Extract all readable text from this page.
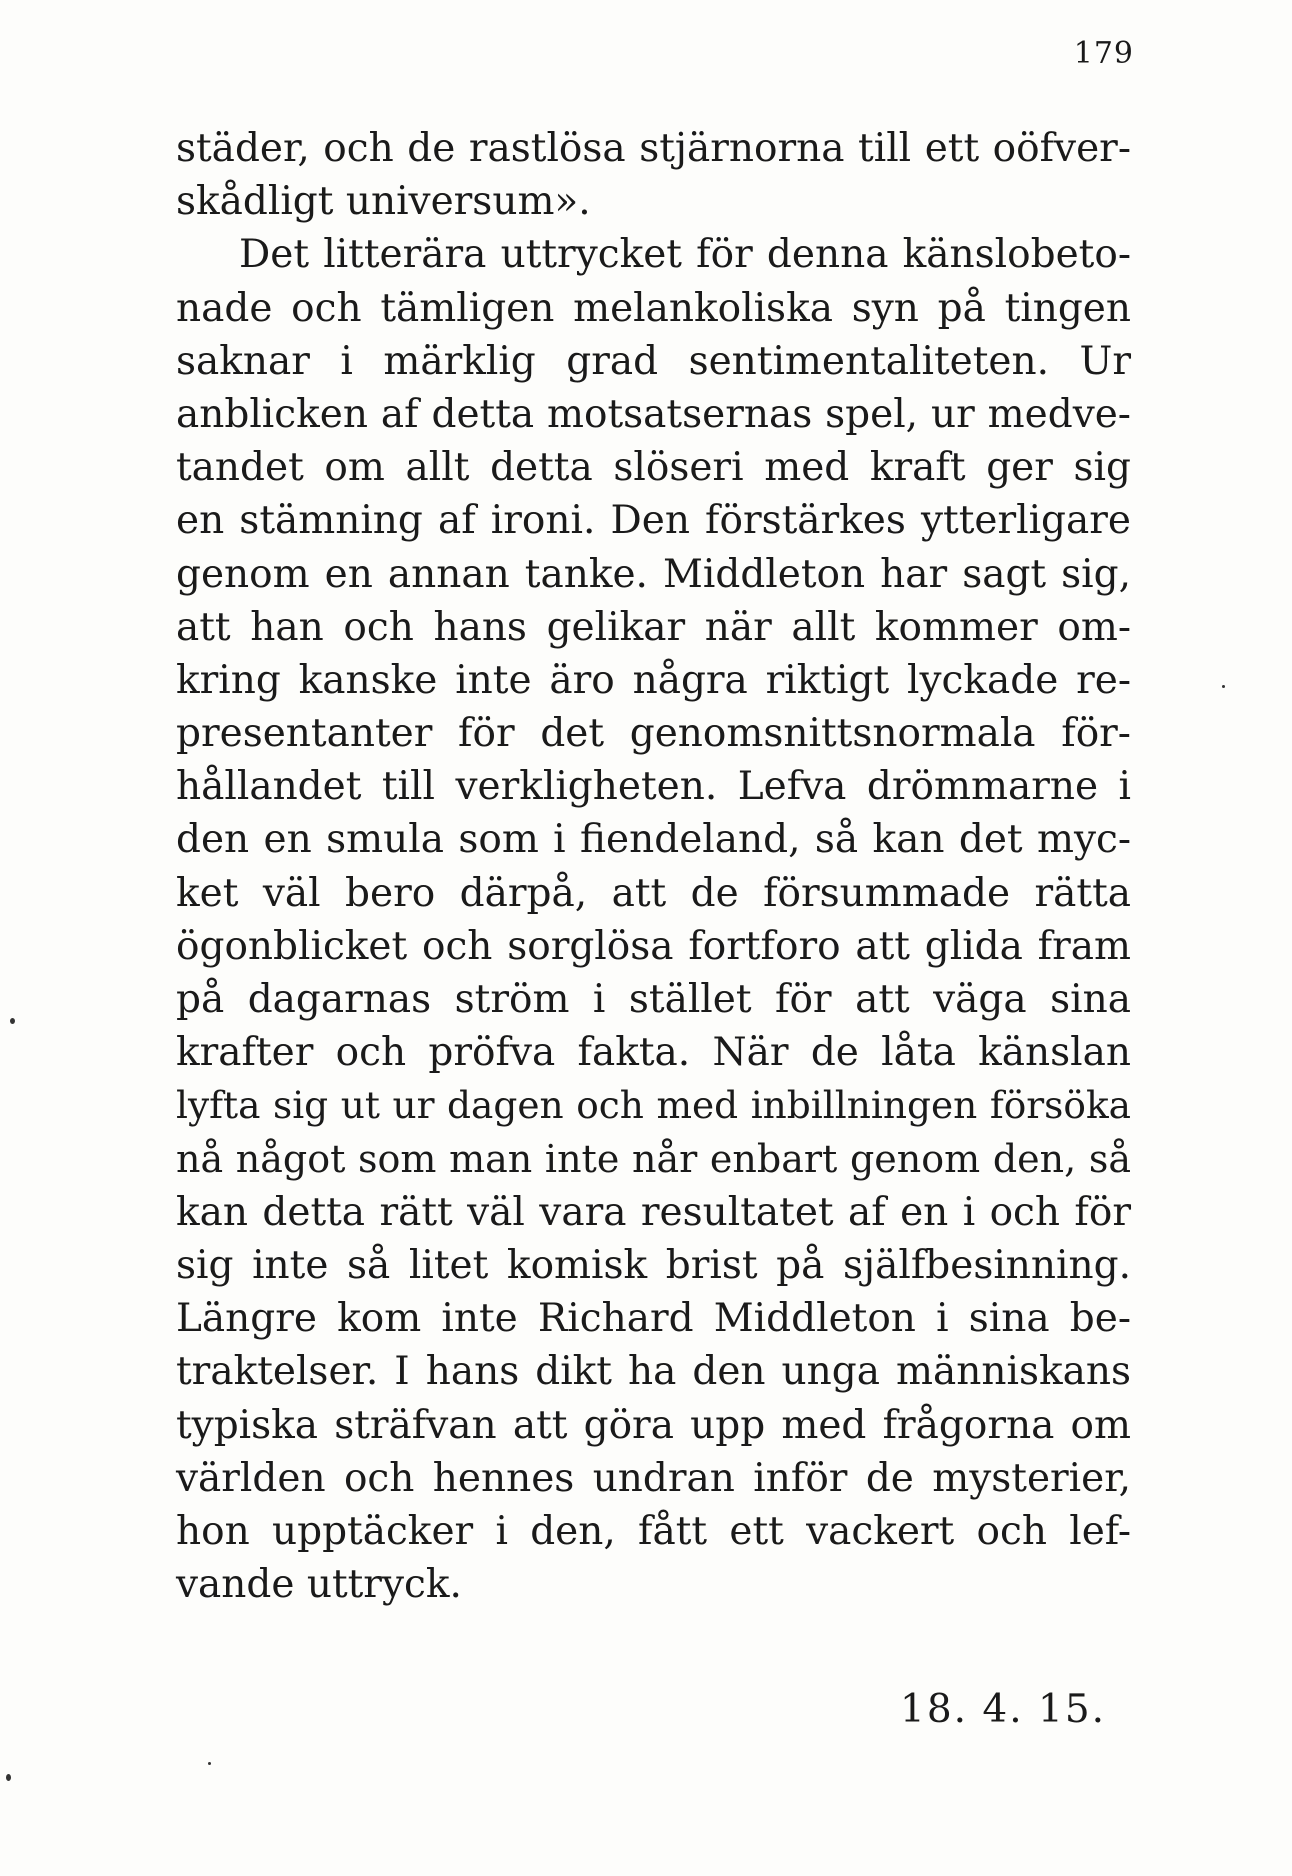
179
städer, och de rastlösa stjärnorna till ett oöfver-
skådligt universum».
Det litterära uttrycket för denna känslobeto-
nade och tämligen melankoliska syn på tingen
saknar i märklig grad sentimentaliteten. Ur
anblicken af detta motsatsernas spel, ur medve-
tandet om allt detta slöseri med kraft ger sig
en stämning af ironi. Den förstärkes ytterligare
genom en annan tanke. Middleton har sagt sig,
att han och hans gelikar när allt kommer om-
kring kanske inte äro några riktigt lyckade re-
presentanter för det genomsnittsnormala för-
hållandet till verkligheten. Lefva drömmarne i
den en smula som i fiendeland, så kan det myc-
ket väl bero därpå, att de försummade rätta
ögonblicket och sorglösa fortforo att glida fram
på dagarnas ström i stället för att väga sina
krafter och pröfva fakta. När de låta känslan
lyfta sig ut ur dagen och med inbillningen försöka
nå något som man inte når enbart genom den, så
kan detta rätt väl vara resultatet af en i och för
sig inte så litet komisk brist på själfbesinning.
Längre kom inte Richard Middleton i sina be-
traktelser. I hans dikt ha den unga människans
typiska sträfvan att göra upp med frågorna om
världen och hennes undran inför de mysterier,
hon upptäcker i den, fått ett vackert och lef-
vande uttryck.
18. 4. 15.
